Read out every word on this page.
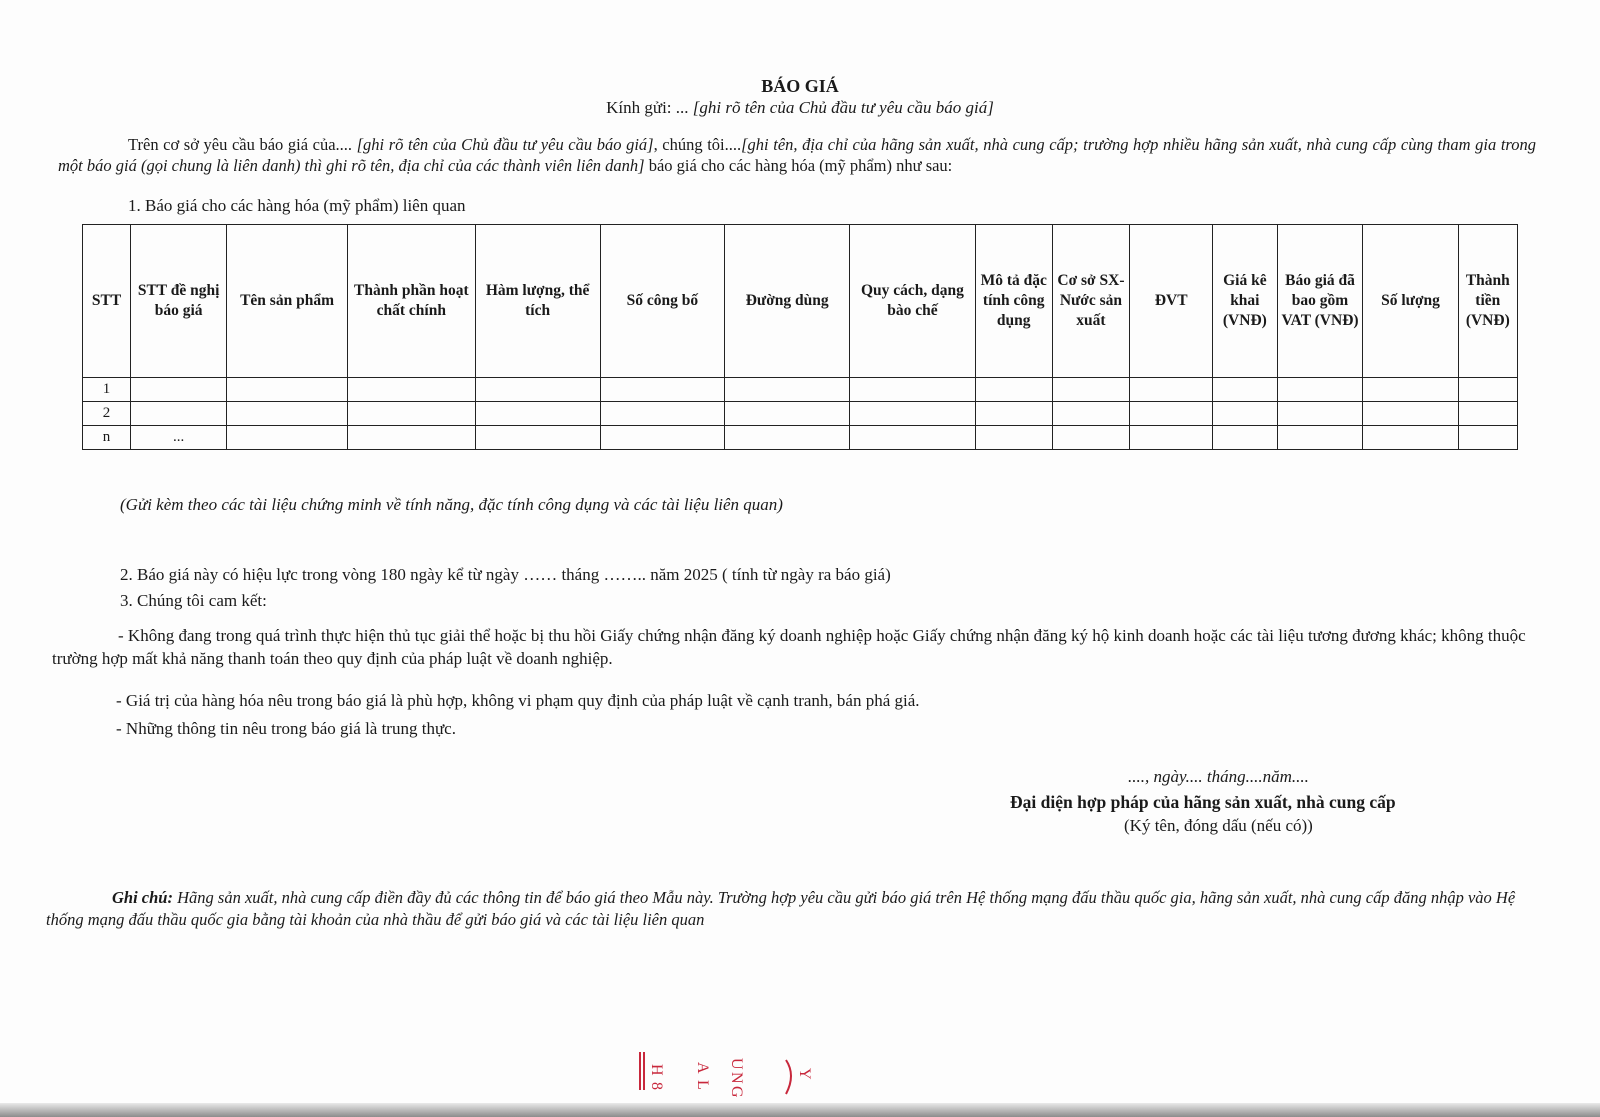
BÁO GIÁ
Kính gửi: ... [ghi rõ tên của Chủ đầu tư yêu cầu báo giá]
Trên cơ sở yêu cầu báo giá của.... [ghi rõ tên của Chủ đầu tư yêu cầu báo giá], chúng tôi....[ghi tên, địa chỉ của hãng sản xuất, nhà cung cấp; trường hợp nhiều hãng sản xuất, nhà cung cấp cùng tham gia trong một báo giá (gọi chung là liên danh) thì ghi rõ tên, địa chỉ của các thành viên liên danh] báo giá cho các hàng hóa (mỹ phẩm) như sau:
1. Báo giá cho các hàng hóa (mỹ phẩm) liên quan
STT	STT đề nghị báo giá	Tên sản phẩm	Thành phần hoạt chất chính	Hàm lượng, thể tích	Số công bố	Đường dùng	Quy cách, dạng bào chế	Mô tả đặc tính công dụng	Cơ sở SX-Nước sản xuất	ĐVT	Giá kê khai (VNĐ)	Báo giá đã bao gồm VAT (VNĐ)	Số lượng	Thành tiền (VNĐ)
1														
2														
n	...													
(Gửi kèm theo các tài liệu chứng minh về tính năng, đặc tính công dụng và các tài liệu liên quan)
2. Báo giá này có hiệu lực trong vòng 180 ngày kể từ ngày …… tháng …….. năm 2025 ( tính từ ngày ra báo giá)
3. Chúng tôi cam kết:
- Không đang trong quá trình thực hiện thủ tục giải thể hoặc bị thu hồi Giấy chứng nhận đăng ký doanh nghiệp hoặc Giấy chứng nhận đăng ký hộ kinh doanh hoặc các tài liệu tương đương khác; không thuộc trường hợp mất khả năng thanh toán theo quy định của pháp luật về doanh nghiệp.
- Giá trị của hàng hóa nêu trong báo giá là phù hợp, không vi phạm quy định của pháp luật về cạnh tranh, bán phá giá.
- Những thông tin nêu trong báo giá là trung thực.
...., ngày.... tháng....năm....
Đại diện hợp pháp của hãng sản xuất, nhà cung cấp
(Ký tên, đóng dấu (nếu có))
Ghi chú: Hãng sản xuất, nhà cung cấp điền đầy đủ các thông tin để báo giá theo Mẫu này. Trường hợp yêu cầu gửi báo giá trên Hệ thống mạng đấu thầu quốc gia, hãng sản xuất, nhà cung cấp đăng nhập vào Hệ thống mạng đấu thầu quốc gia bằng tài khoản của nhà thầu để gửi báo giá và các tài liệu liên quan
H
8
A
L
U
N
G
Y
